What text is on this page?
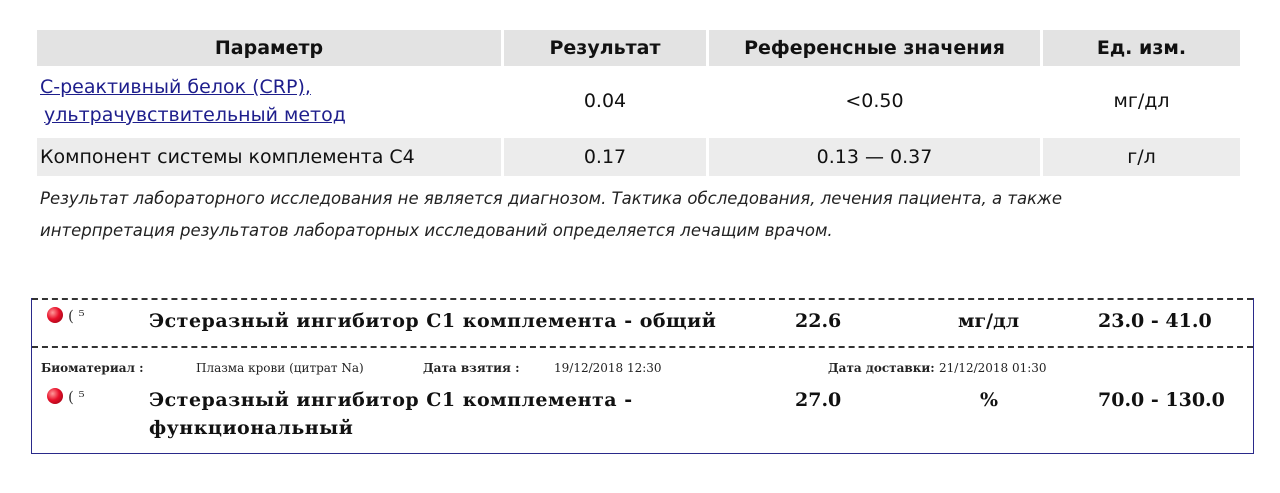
Параметр	Результат	Референсные значения	Ед. изм.
С-реактивный белок (CRP),
ультрачувствительный метод
0.04	<0.50	мг/дл
Компонент системы комплемента С4	0.17	0.13 — 0.37	г/л
Результат лабораторного исследования не является диагнозом. Тактика обследования, лечения пациента, а также
интерпретация результатов лабораторных исследований определяется лечащим врачом.
( ⁵	Эстеразный ингибитор С1 комплемента - общий	22.6	мг/дл	23.0 - 41.0
Биоматериал :	Плазма крови (цитрат Na)	Дата взятия :	19/12/2018 12:30	Дата доставки: 21/12/2018 01:30
( ⁵	Эстеразный ингибитор С1 комплемента -
функциональный
27.0	%	70.0 - 130.0
